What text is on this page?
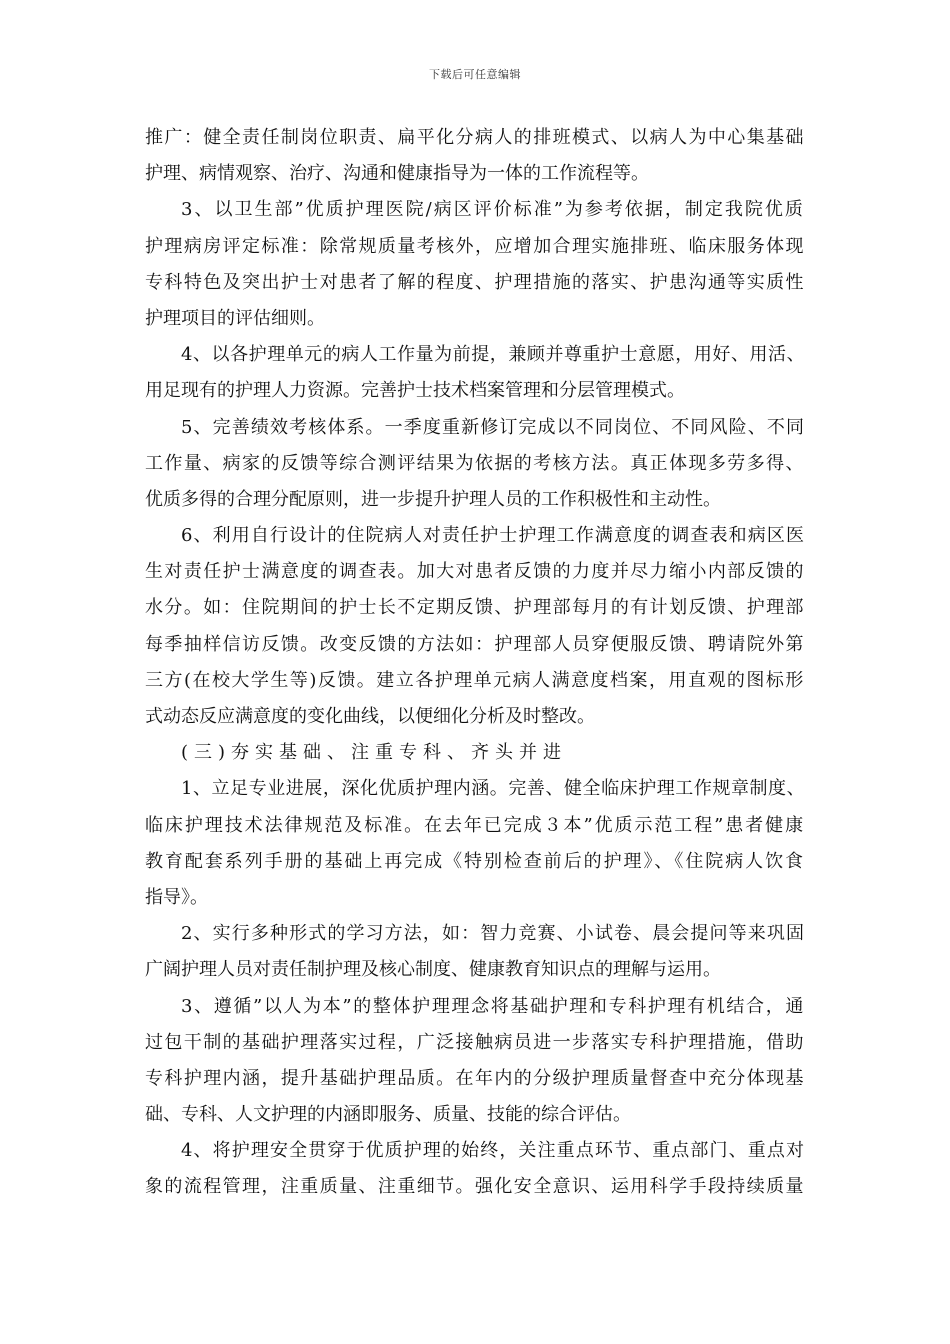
下载后可任意编辑
推广：健全责任制岗位职责、扁平化分病人的排班模式、以病人为中心集基础
护理、病情观察、治疗、沟通和健康指导为一体的工作流程等。
3、以卫生部”优质护理医院/病区评价标准”为参考依据，制定我院优质
护理病房评定标准：除常规质量考核外，应增加合理实施排班、临床服务体现
专科特色及突出护士对患者了解的程度、护理措施的落实、护患沟通等实质性
护理项目的评估细则。
4、以各护理单元的病人工作量为前提，兼顾并尊重护士意愿，用好、用活、
用足现有的护理人力资源。完善护士技术档案管理和分层管理模式。
5、完善绩效考核体系。一季度重新修订完成以不同岗位、不同风险、不同
工作量、病家的反馈等综合测评结果为依据的考核方法。真正体现多劳多得、
优质多得的合理分配原则，进一步提升护理人员的工作积极性和主动性。
6、利用自行设计的住院病人对责任护士护理工作满意度的调查表和病区医
生对责任护士满意度的调查表。加大对患者反馈的力度并尽力缩小内部反馈的
水分。如：住院期间的护士长不定期反馈、护理部每月的有计划反馈、护理部
每季抽样信访反馈。改变反馈的方法如：护理部人员穿便服反馈、聘请院外第
三方(在校大学生等)反馈。建立各护理单元病人满意度档案，用直观的图标形
式动态反应满意度的变化曲线，以便细化分析及时整改。
(三)夯实基础、注重专科、齐头并进
1、立足专业进展，深化优质护理内涵。完善、健全临床护理工作规章制度、
临床护理技术法律规范及标准。在去年已完成３本”优质示范工程”患者健康
教育配套系列手册的基础上再完成《特别检查前后的护理》、《住院病人饮食
指导》。
2、实行多种形式的学习方法，如：智力竞赛、小试卷、晨会提问等来巩固
广阔护理人员对责任制护理及核心制度、健康教育知识点的理解与运用。
3、遵循”以人为本”的整体护理理念将基础护理和专科护理有机结合，通
过包干制的基础护理落实过程，广泛接触病员进一步落实专科护理措施，借助
专科护理内涵，提升基础护理品质。在年内的分级护理质量督查中充分体现基
础、专科、人文护理的内涵即服务、质量、技能的综合评估。
4、将护理安全贯穿于优质护理的始终，关注重点环节、重点部门、重点对
象的流程管理，注重质量、注重细节。强化安全意识、运用科学手段持续质量
